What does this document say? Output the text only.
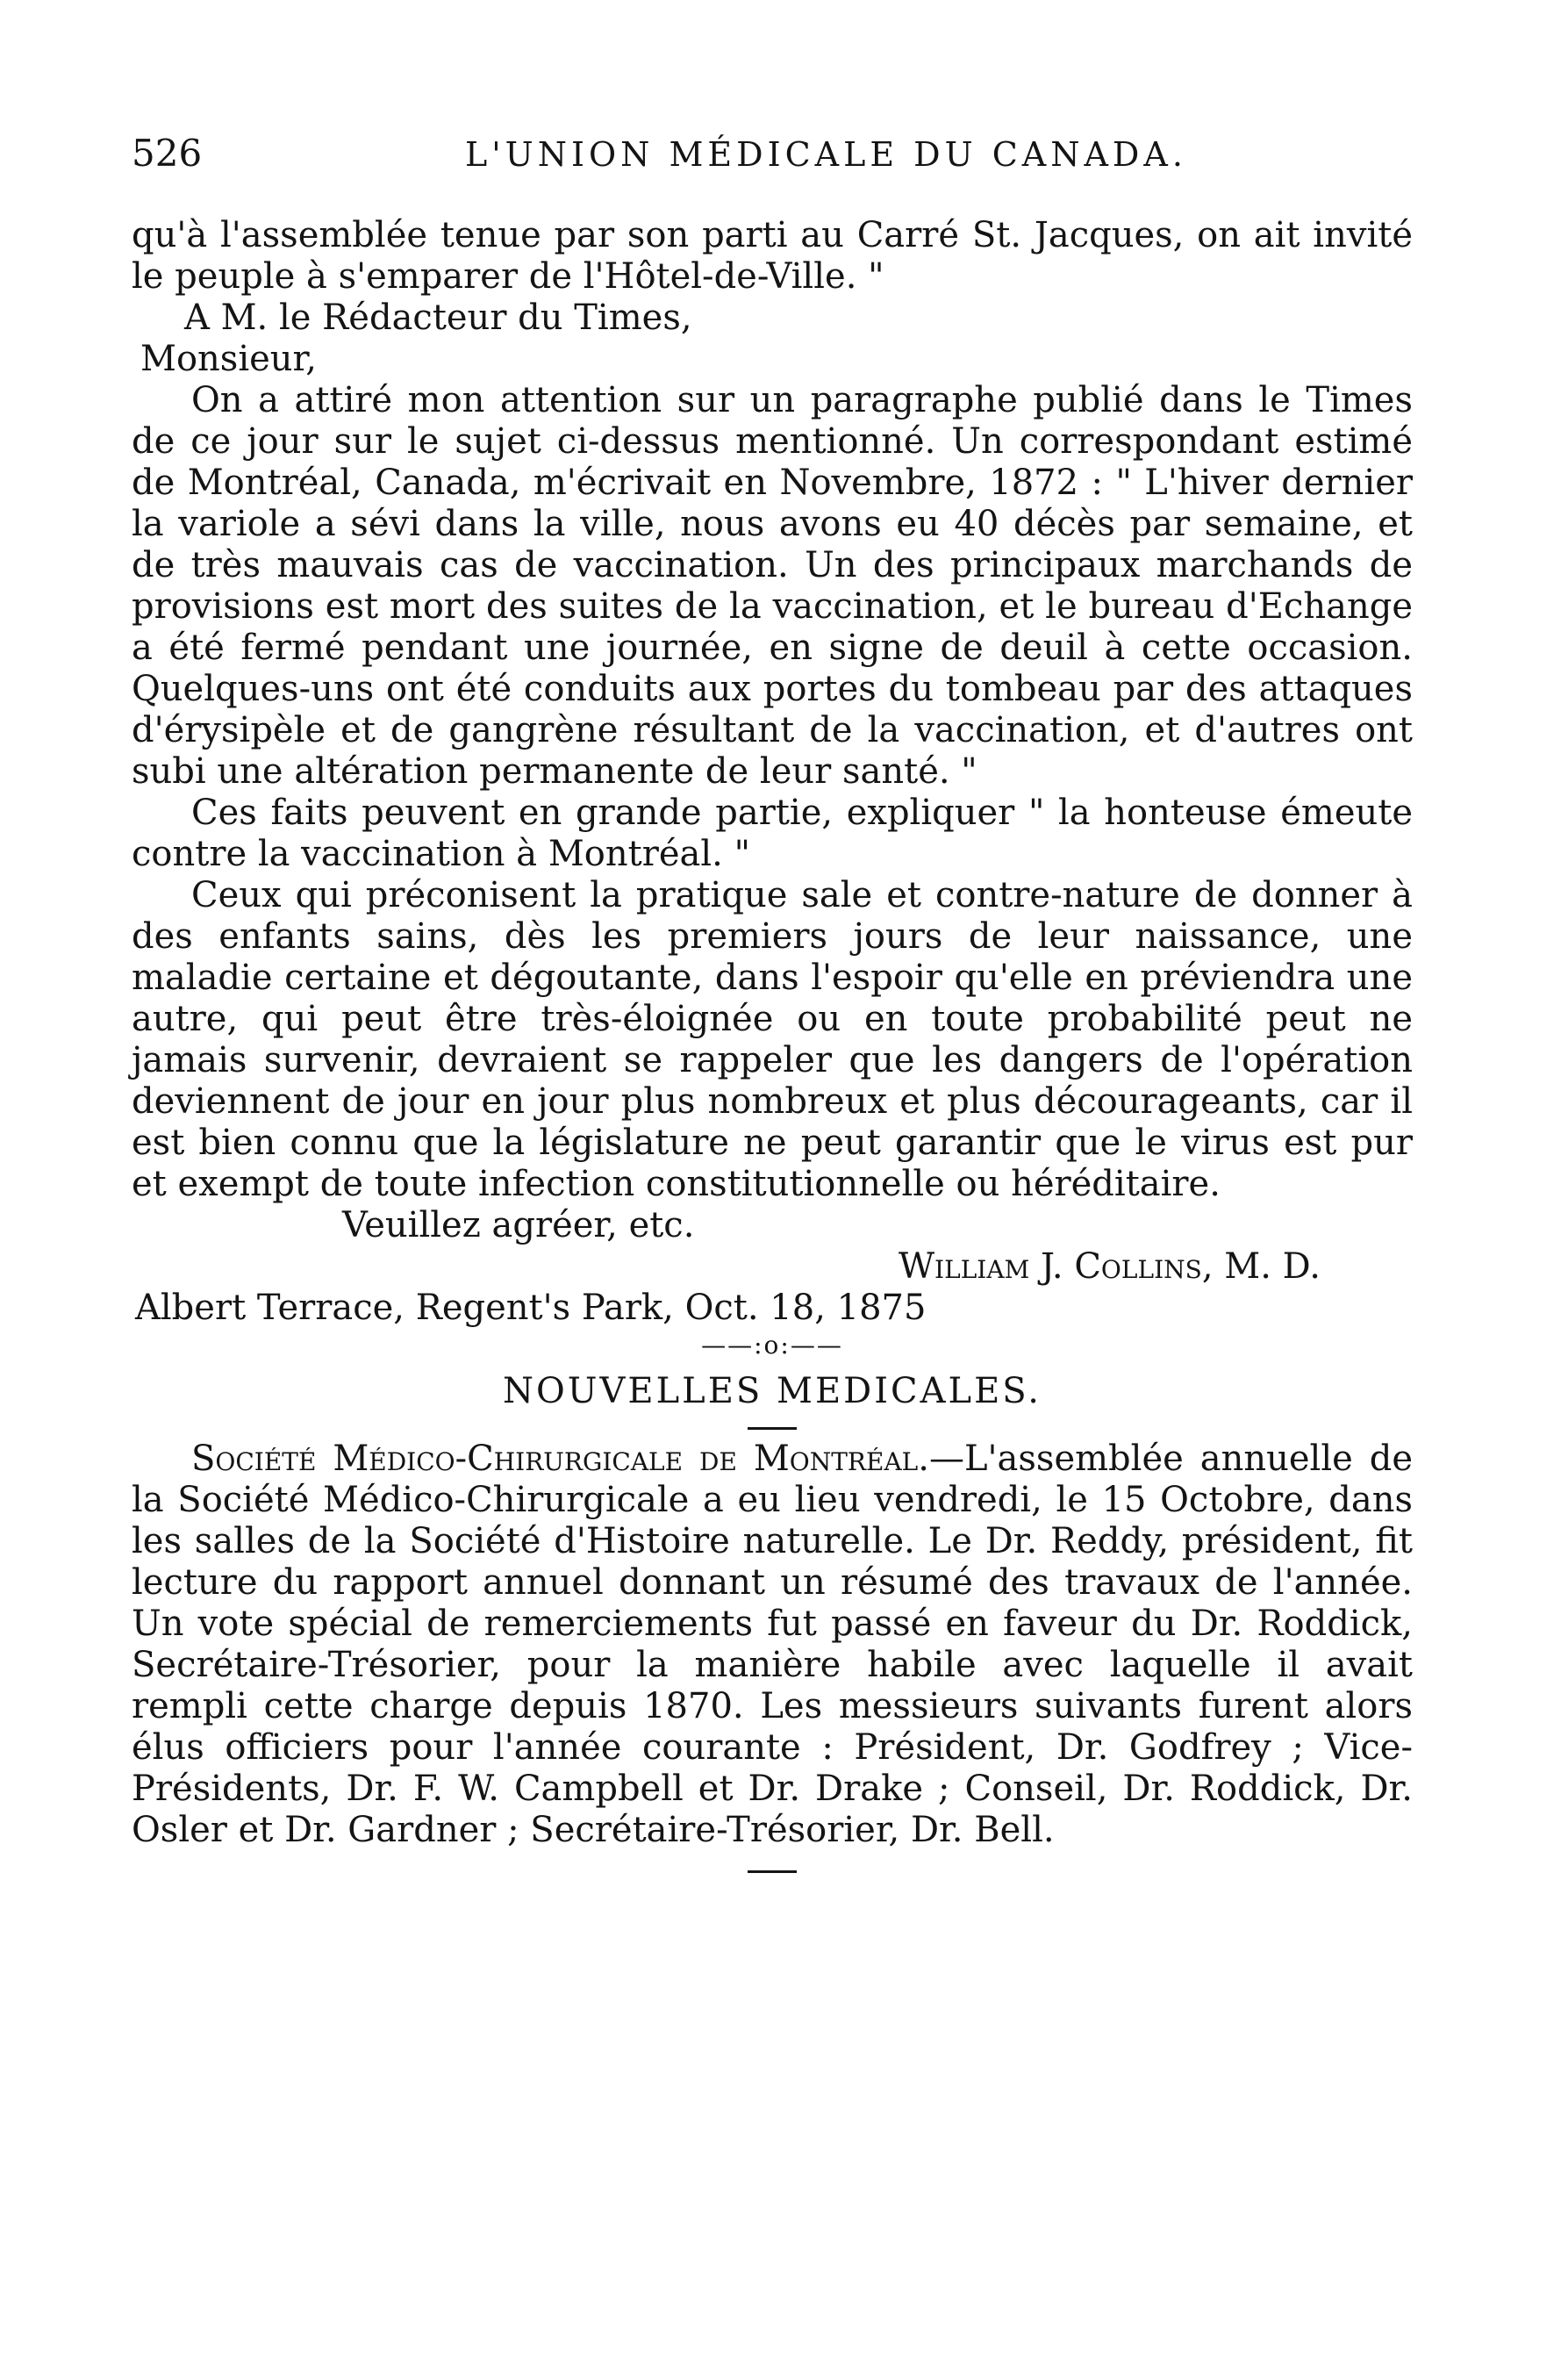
526	L'UNION MÉDICALE DU CANADA.

qu'à l'assemblée tenue par son parti au Carré St. Jacques, on ait invité le peuple à s'emparer de l'Hôtel-de-Ville. "

A M. le Rédacteur du Times,

Monsieur,

On a attiré mon attention sur un paragraphe publié dans le Times de ce jour sur le sujet ci-dessus mentionné. Un correspondant estimé de Montréal, Canada, m'écrivait en Novembre, 1872 : " L'hiver dernier la variole a sévi dans la ville, nous avons eu 40 décès par semaine, et de très mauvais cas de vaccination. Un des principaux marchands de provisions est mort des suites de la vaccination, et le bureau d'Echange a été fermé pendant une journée, en signe de deuil à cette occasion. Quelques-uns ont été conduits aux portes du tombeau par des attaques d'érysipèle et de gangrène résultant de la vaccination, et d'autres ont subi une altération permanente de leur santé. "

Ces faits peuvent en grande partie, expliquer " la honteuse émeute contre la vaccination à Montréal. "

Ceux qui préconisent la pratique sale et contre-nature de donner à des enfants sains, dès les premiers jours de leur naissance, une maladie certaine et dégoutante, dans l'espoir qu'elle en préviendra une autre, qui peut être très-éloignée ou en toute probabilité peut ne jamais survenir, devraient se rappeler que les dangers de l'opération deviennent de jour en jour plus nombreux et plus décourageants, car il est bien connu que la législature ne peut garantir que le virus est pur et exempt de toute infection constitutionnelle ou héréditaire.

Veuillez agréer, etc.

William J. Collins, M. D.

Albert Terrace, Regent's Park, Oct. 18, 1875

——:o:——
NOUVELLES MEDICALES.

Société Médico-Chirurgicale de Montréal.—L'assemblée annuelle de la Société Médico-Chirurgicale a eu lieu vendredi, le 15 Octobre, dans les salles de la Société d'Histoire naturelle. Le Dr. Reddy, président, fit lecture du rapport annuel donnant un résumé des travaux de l'année. Un vote spécial de remerciements fut passé en faveur du Dr. Roddick, Secrétaire-Trésorier, pour la manière habile avec laquelle il avait rempli cette charge depuis 1870. Les messieurs suivants furent alors élus officiers pour l'année courante : Président, Dr. Godfrey ; Vice-Présidents, Dr. F. W. Campbell et Dr. Drake ; Conseil, Dr. Roddick, Dr. Osler et Dr. Gardner ; Secrétaire-Trésorier, Dr. Bell.
